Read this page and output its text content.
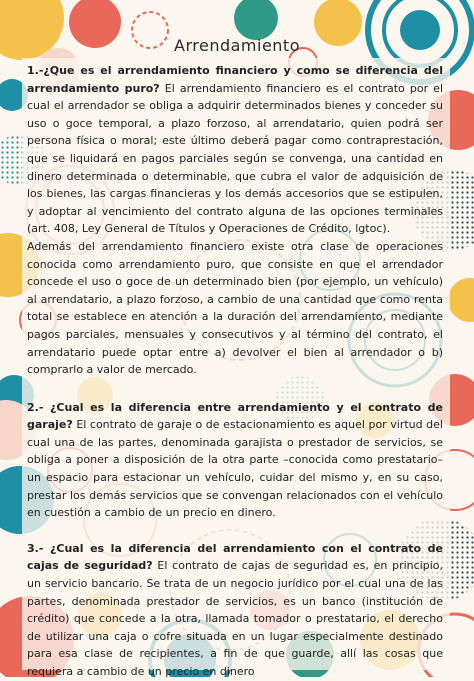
Arrendamiento

1.-¿Que es el arrendamiento financiero y como se diferencia del arrendamiento puro? El arrendamiento financiero es el contrato por el cual el arrendador se obliga a adquirir determinados bienes y conceder su uso o goce temporal, a plazo forzoso, al arrendatario, quien podrá ser persona física o moral; este último deberá pagar como contraprestación, que se liquidará en pagos parciales según se convenga, una cantidad en dinero determinada o determinable, que cubra el valor de adquisición de los bienes, las cargas financieras y los demás accesorios que se estipulen, y adoptar al vencimiento del contrato alguna de las opciones terminales (art. 408, Ley General de Títulos y Operaciones de Crédito, lgtoc).

Además del arrendamiento financiero existe otra clase de operaciones conocida como arrendamiento puro, que consiste en que el arrendador concede el uso o goce de un determinado bien (por ejemplo, un vehículo) al arrendatario, a plazo forzoso, a cambio de una cantidad que como renta total se establece en atención a la duración del arrendamiento, mediante pagos parciales, mensuales y consecutivos y al término del contrato, el arrendatario puede optar entre a) devolver el bien al arrendador o b) comprarlo a valor de mercado.

2.- ¿Cual es la diferencia entre arrendamiento y el contrato de garaje? El contrato de garaje o de estacionamiento es aquel por virtud del cual una de las partes, denominada garajista o prestador de servicios, se obliga a poner a disposición de la otra parte –conocida como prestatario– un espacio para estacionar un vehículo, cuidar del mismo y, en su caso, prestar los demás servicios que se convengan relacionados con el vehículo en cuestión a cambio de un precio en dinero.

3.- ¿Cual es la diferencia del arrendamiento con el contrato de cajas de seguridad? El contrato de cajas de seguridad es, en principio, un servicio bancario. Se trata de un negocio jurídico por el cual una de las partes, denominada prestador de servicios, es un banco (institución de crédito) que concede a la otra, llamada tomador o prestatario, el derecho de utilizar una caja o cofre situada en un lugar especialmente destinado para esa clase de recipientes, a fin de que guarde, allí las cosas que requiera a cambio de un precio en dinero
